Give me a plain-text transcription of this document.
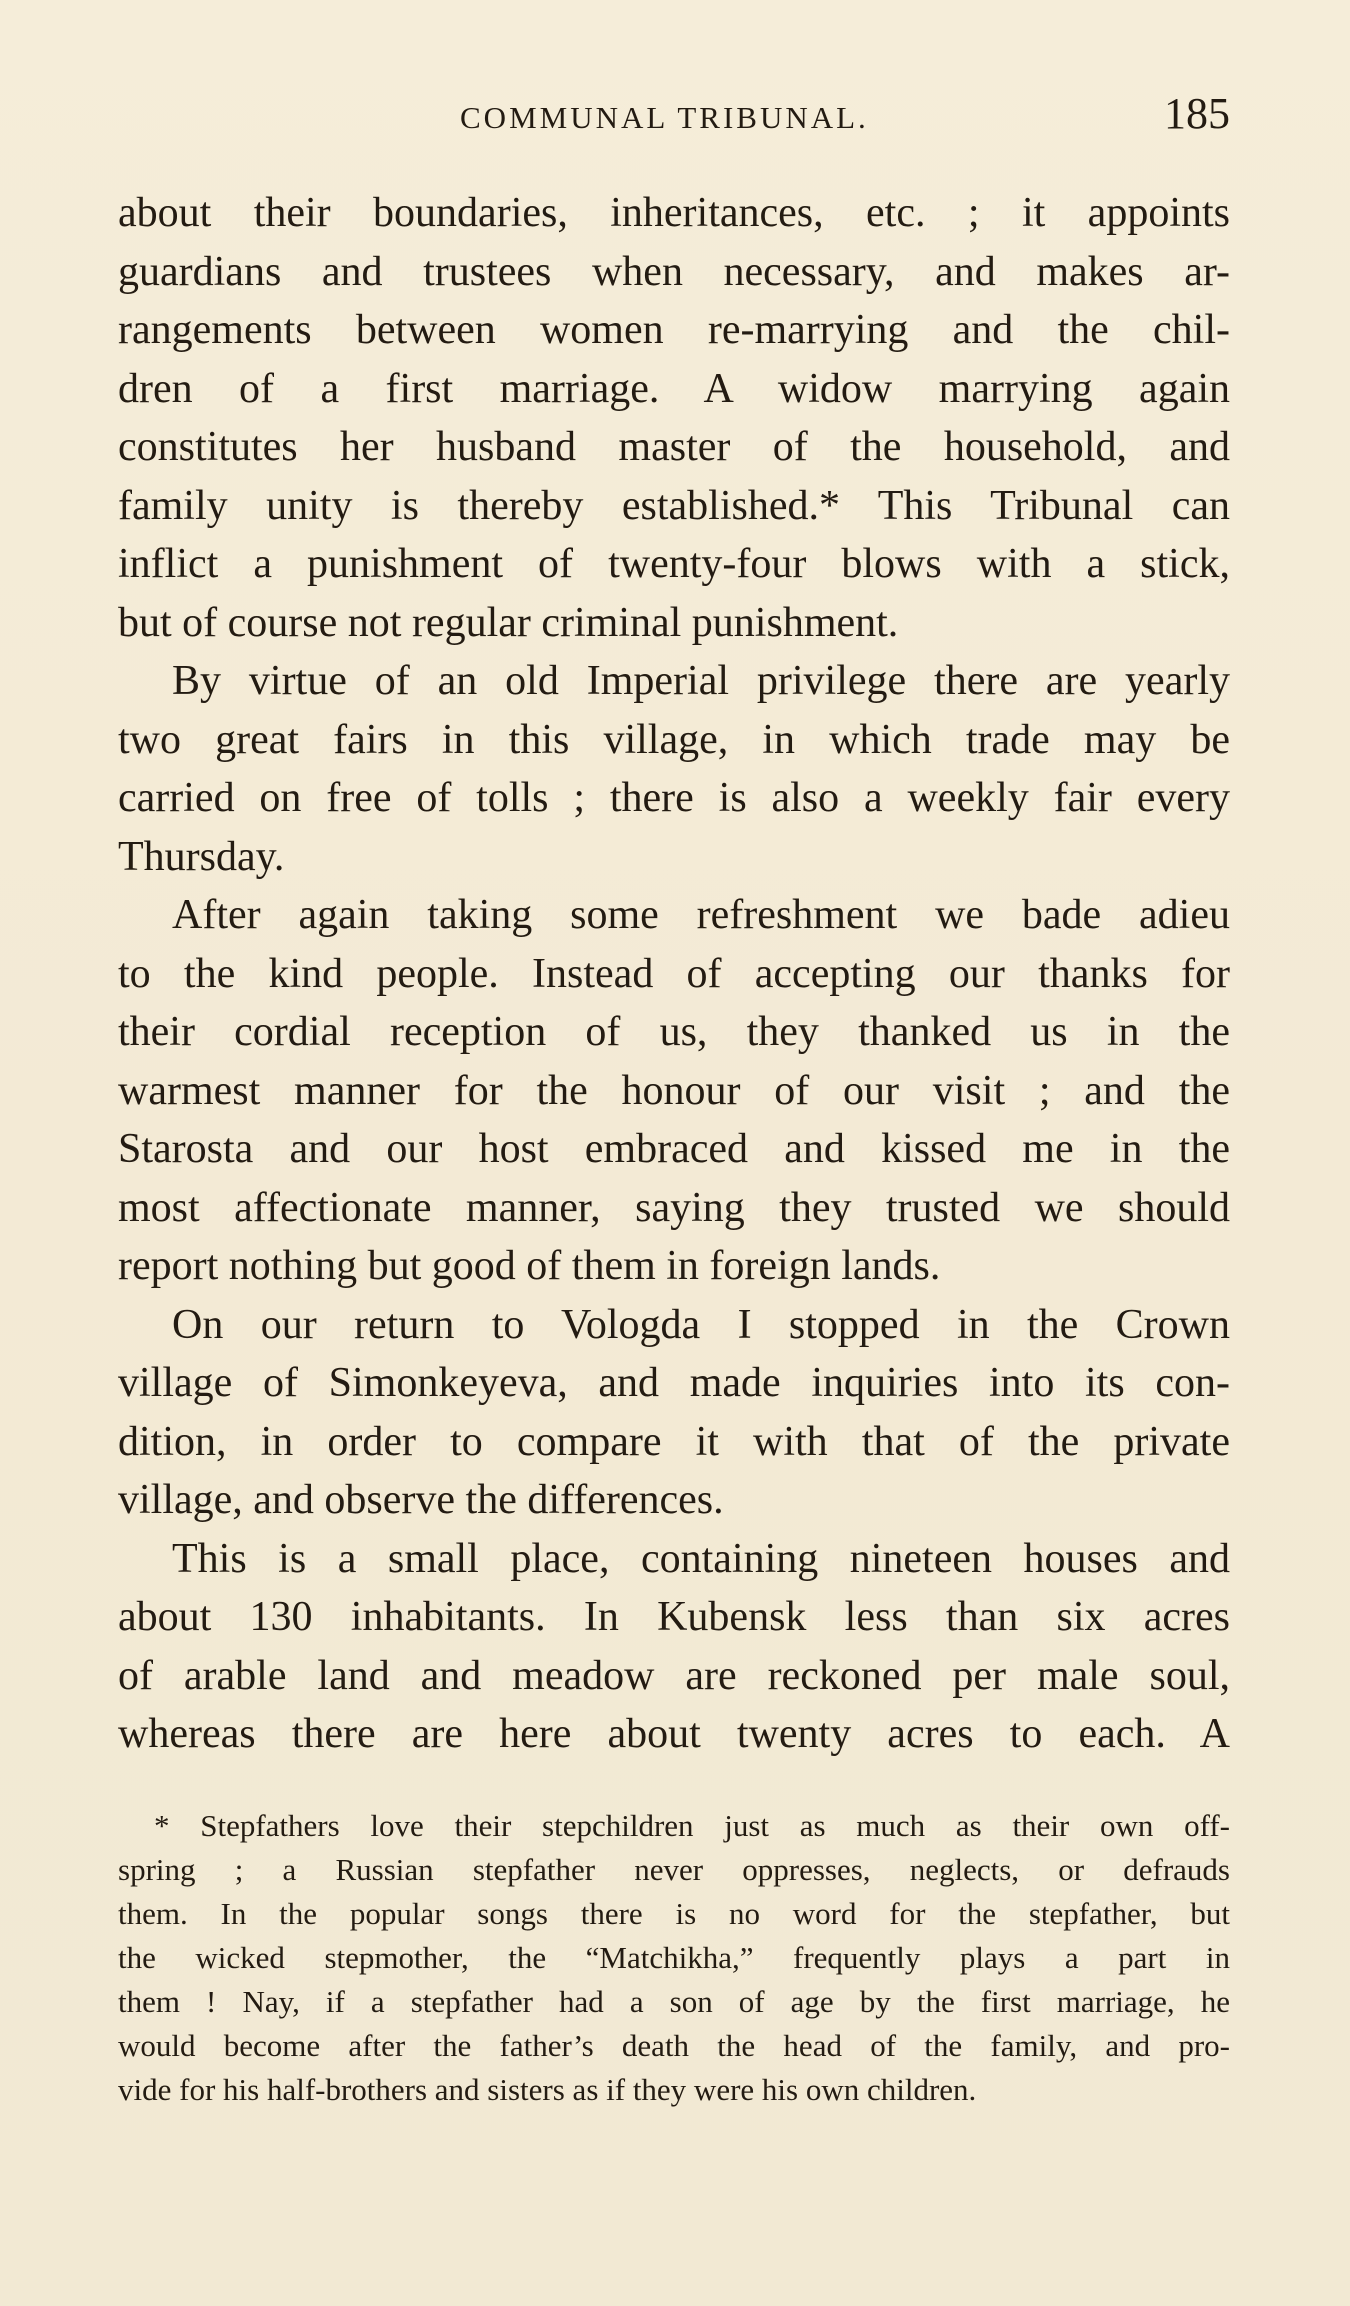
COMMUNAL TRIBUNAL.	185
about their boundaries, inheritances, etc. ; it appoints
guardians and trustees when necessary, and makes ar-
rangements between women re-marrying and the chil-
dren of a first marriage. A widow marrying again
constitutes her husband master of the household, and
family unity is thereby established.* This Tribunal can
inflict a punishment of twenty-four blows with a stick,
but of course not regular criminal punishment.
By virtue of an old Imperial privilege there are yearly
two great fairs in this village, in which trade may be
carried on free of tolls ; there is also a weekly fair every
Thursday.
After again taking some refreshment we bade adieu
to the kind people. Instead of accepting our thanks for
their cordial reception of us, they thanked us in the
warmest manner for the honour of our visit ; and the
Starosta and our host embraced and kissed me in the
most affectionate manner, saying they trusted we should
report nothing but good of them in foreign lands.
On our return to Vologda I stopped in the Crown
village of Simonkeyeva, and made inquiries into its con-
dition, in order to compare it with that of the private
village, and observe the differences.
This is a small place, containing nineteen houses and
about 130 inhabitants. In Kubensk less than six acres
of arable land and meadow are reckoned per male soul,
whereas there are here about twenty acres to each. A
* Stepfathers love their stepchildren just as much as their own off-
spring ; a Russian stepfather never oppresses, neglects, or defrauds
them. In the popular songs there is no word for the stepfather, but
the wicked stepmother, the “Matchikha,” frequently plays a part in
them ! Nay, if a stepfather had a son of age by the first marriage, he
would become after the father’s death the head of the family, and pro-
vide for his half-brothers and sisters as if they were his own children.
